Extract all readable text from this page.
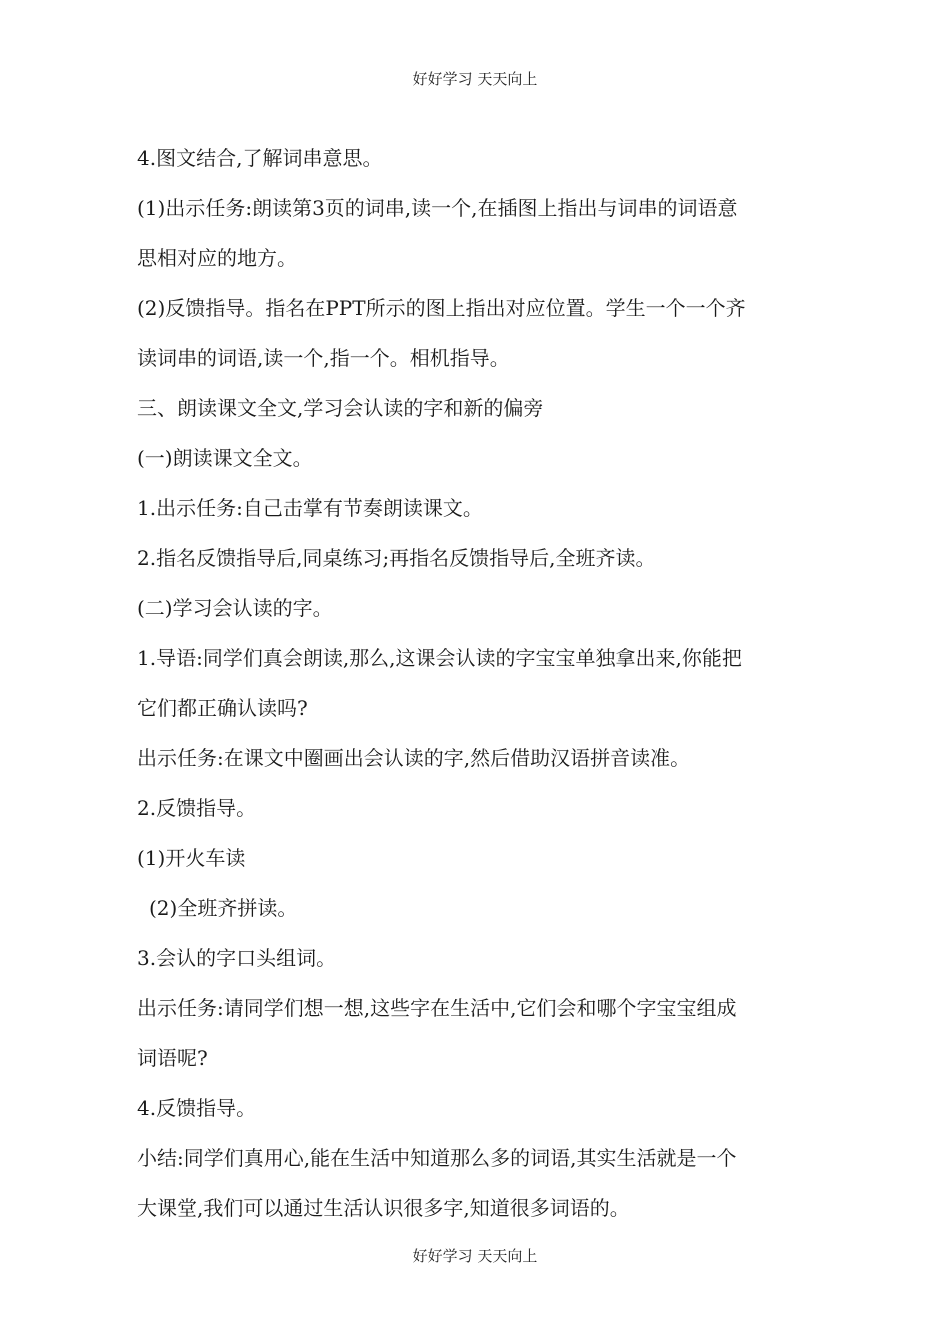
好好学习 天天向上

4.图文结合,了解词串意思。

(1)出示任务:朗读第3页的词串,读一个,在插图上指出与词串的词语意

思相对应的地方。

(2)反馈指导。指名在PPT所示的图上指出对应位置。学生一个一个齐

读词串的词语,读一个,指一个。相机指导。

三、朗读课文全文,学习会认读的字和新的偏旁

(一)朗读课文全文。

1.出示任务:自己击掌有节奏朗读课文。

2.指名反馈指导后,同桌练习;再指名反馈指导后,全班齐读。

(二)学习会认读的字。

1.导语:同学们真会朗读,那么,这课会认读的字宝宝单独拿出来,你能把

它们都正确认读吗?

出示任务:在课文中圈画出会认读的字,然后借助汉语拼音读准。

2.反馈指导。

(1)开火车读

(2)全班齐拼读。

3.会认的字口头组词。

出示任务:请同学们想一想,这些字在生活中,它们会和哪个字宝宝组成

词语呢?

4.反馈指导。

小结:同学们真用心,能在生活中知道那么多的词语,其实生活就是一个

大课堂,我们可以通过生活认识很多字,知道很多词语的。

好好学习 天天向上
